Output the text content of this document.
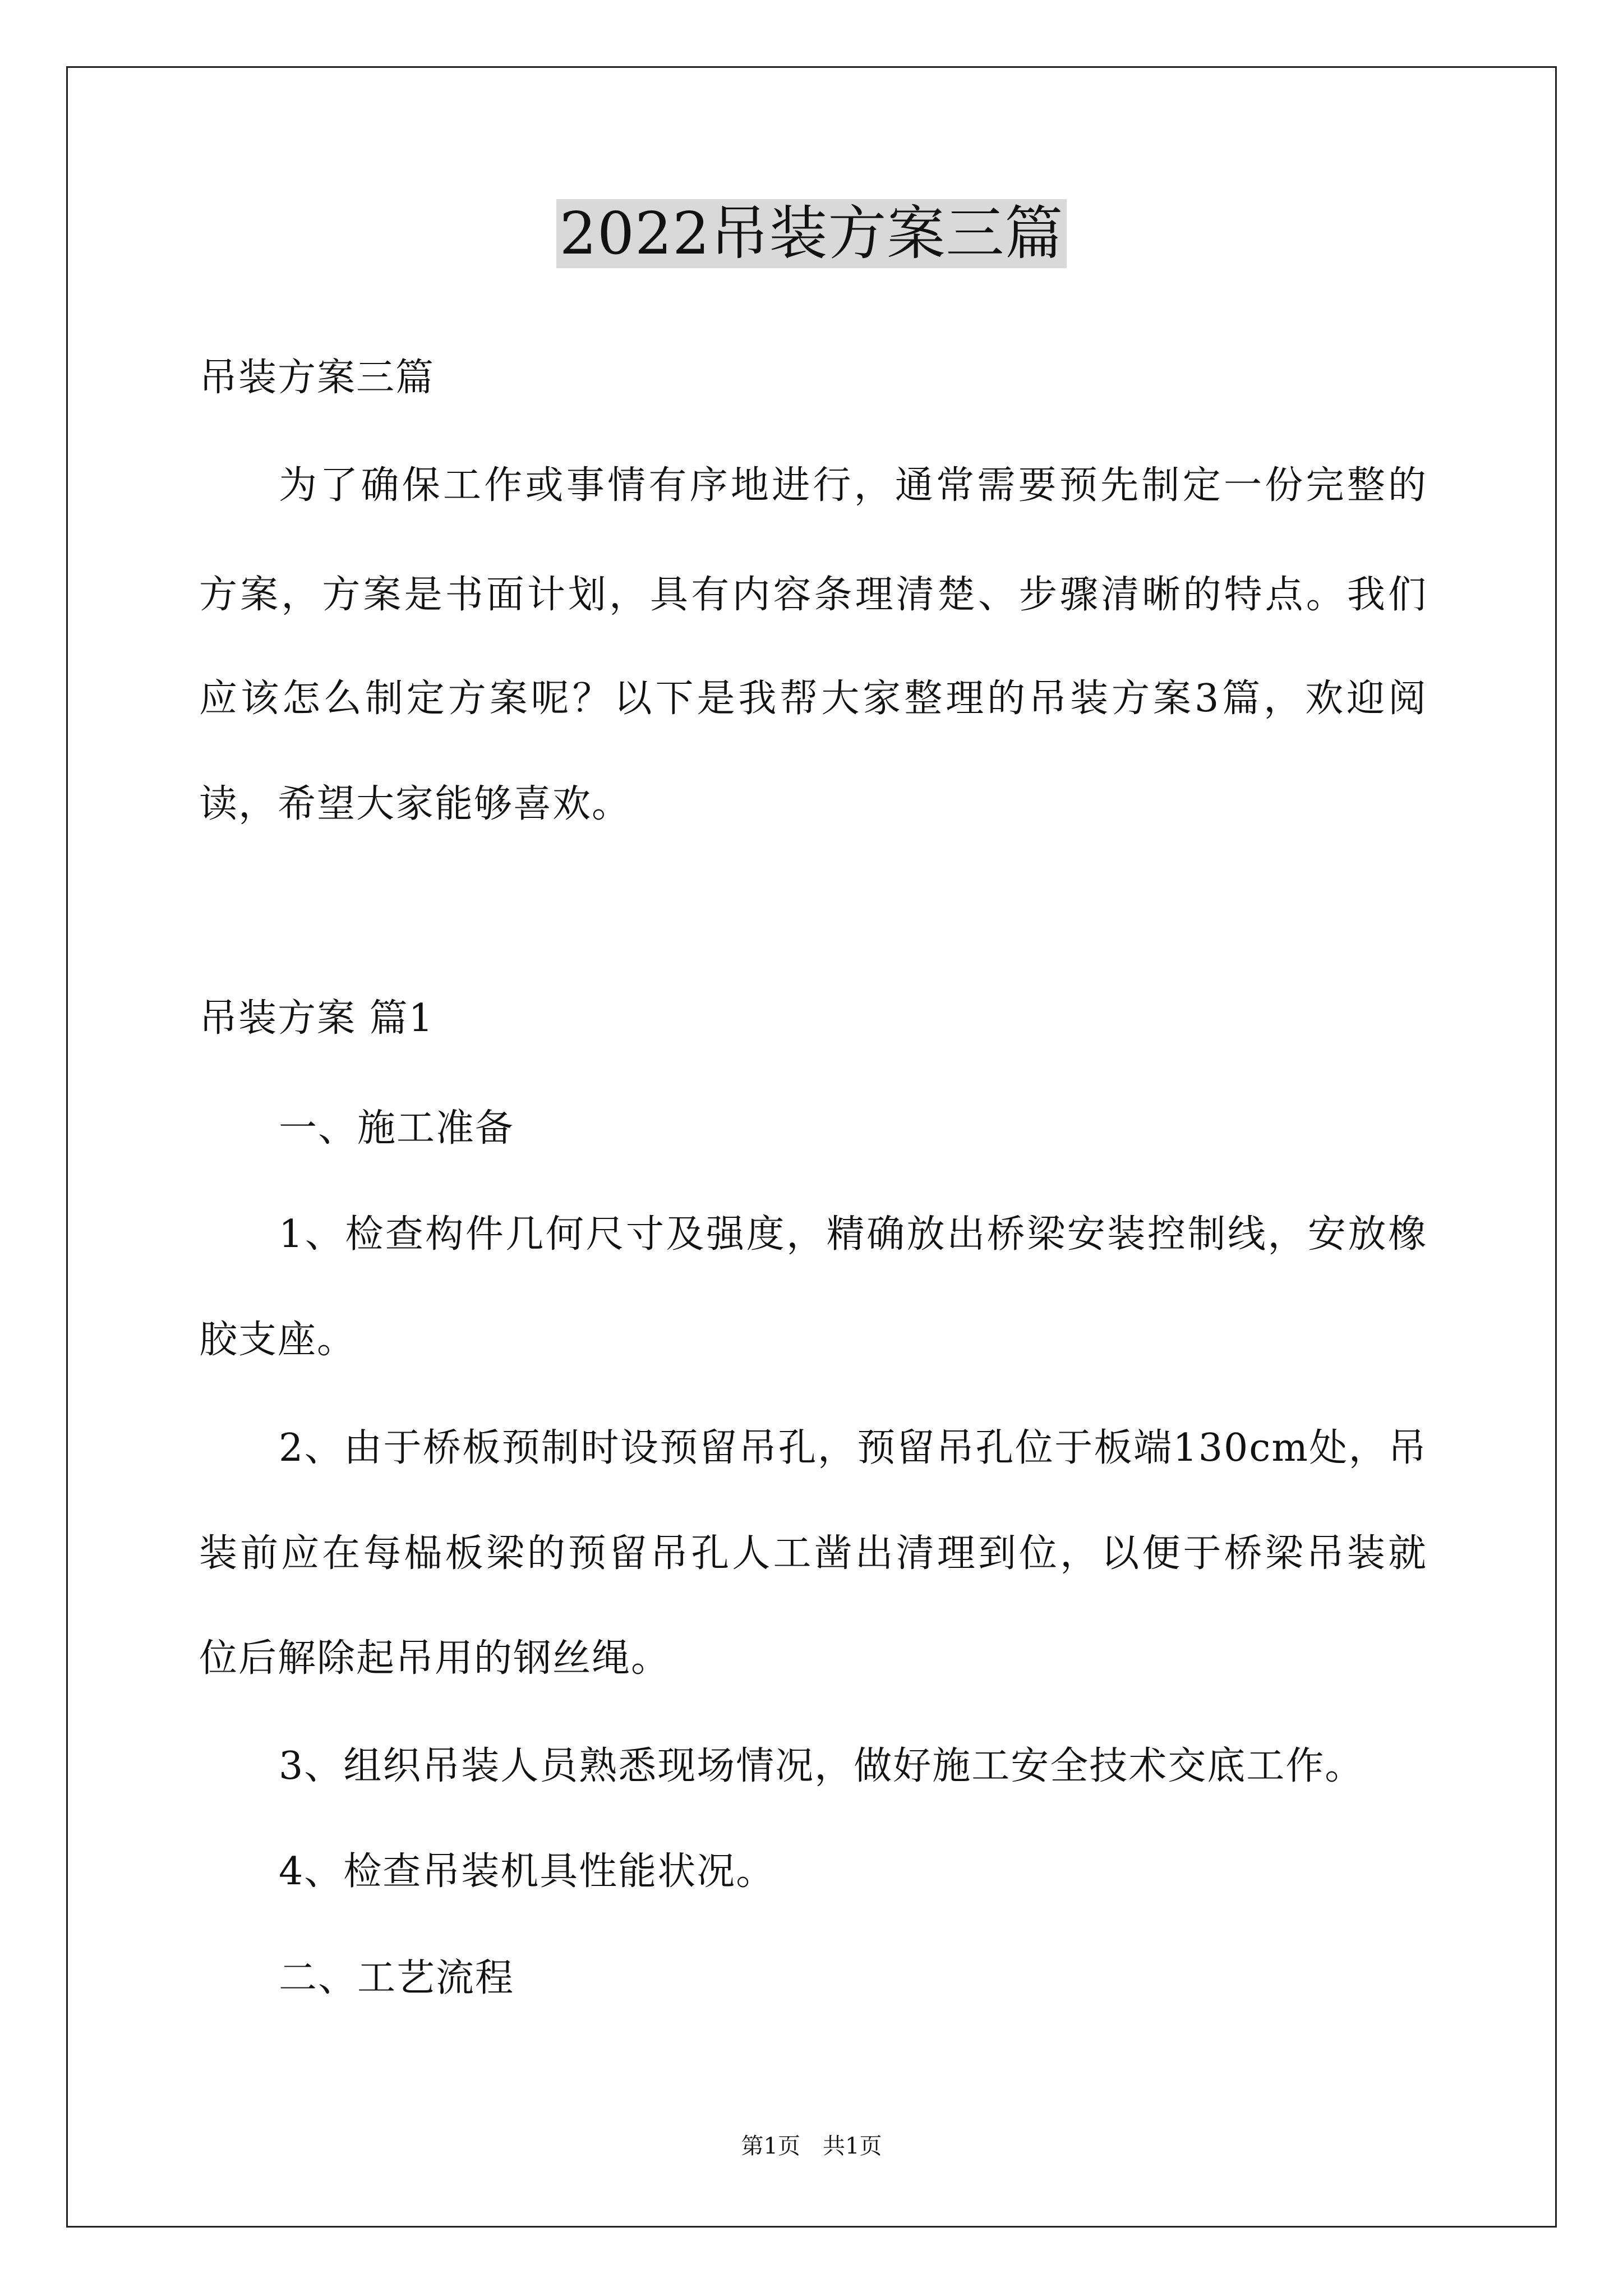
2022吊装方案三篇
吊装方案三篇
为了确保工作或事情有序地进行，通常需要预先制定一份完整的
方案，方案是书面计划，具有内容条理清楚、步骤清晰的特点。我们
应该怎么制定方案呢？以下是我帮大家整理的吊装方案3篇，欢迎阅
读，希望大家能够喜欢。
吊装方案 篇1
一、施工准备
1、检查构件几何尺寸及强度，精确放出桥梁安装控制线，安放橡
胶支座。
2、由于桥板预制时设预留吊孔，预留吊孔位于板端130cm处，吊
装前应在每榀板梁的预留吊孔人工凿出清理到位，以便于桥梁吊装就
位后解除起吊用的钢丝绳。
3、组织吊装人员熟悉现场情况，做好施工安全技术交底工作。
4、检查吊装机具性能状况。
二、工艺流程
第1页　共1页
